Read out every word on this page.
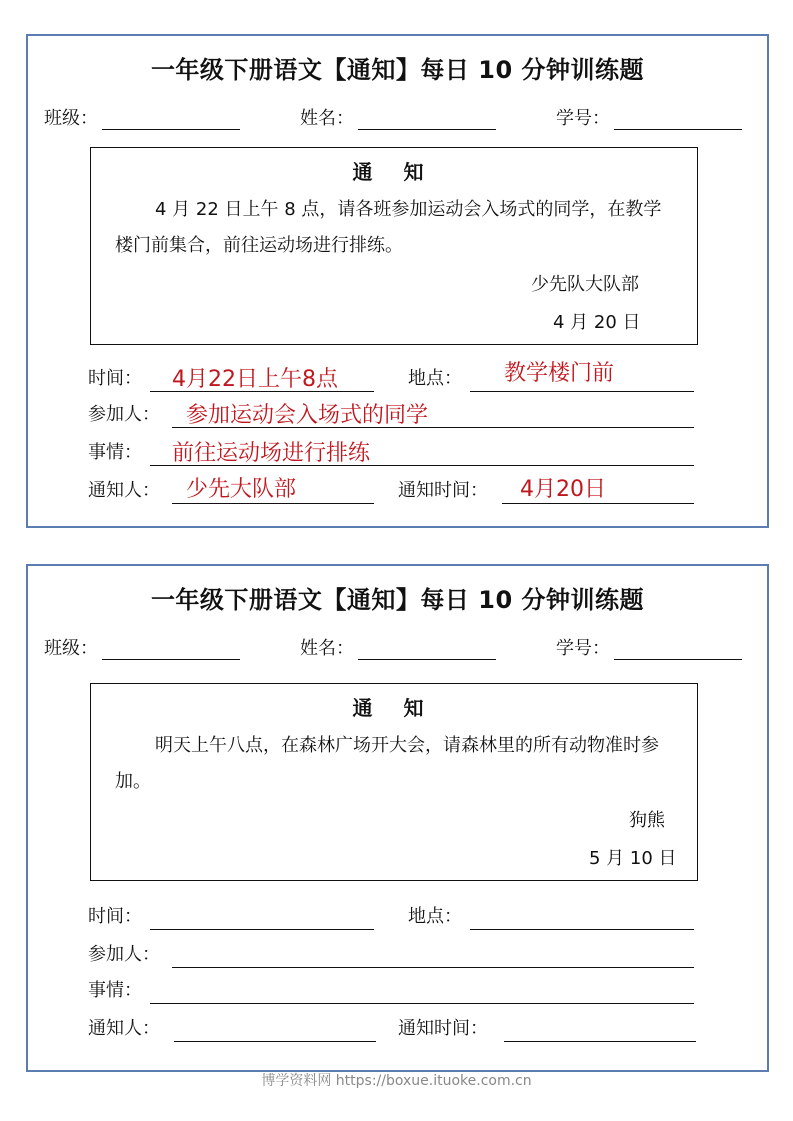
一年级下册语文【通知】每日 10 分钟训练题
班级：	姓名：	学号：
通 知
4 月 22 日上午 8 点，请各班参加运动会入场式的同学，在教学楼门前集合，前往运动场进行排练。
少先队大队部
4 月 20 日
时间： 4月22日上午8点	地点： 教学楼门前
参加人： 参加运动会入场式的同学
事情： 前往运动场进行排练
通知人： 少先大队部	通知时间： 4月20日
一年级下册语文【通知】每日 10 分钟训练题
班级：	姓名：	学号：
通 知
明天上午八点，在森林广场开大会，请森林里的所有动物准时参加。
狗熊
5 月 10 日
时间：	地点：
参加人：
事情：
通知人：	通知时间：
博学资料网 https://boxue.ituoke.com.cn
